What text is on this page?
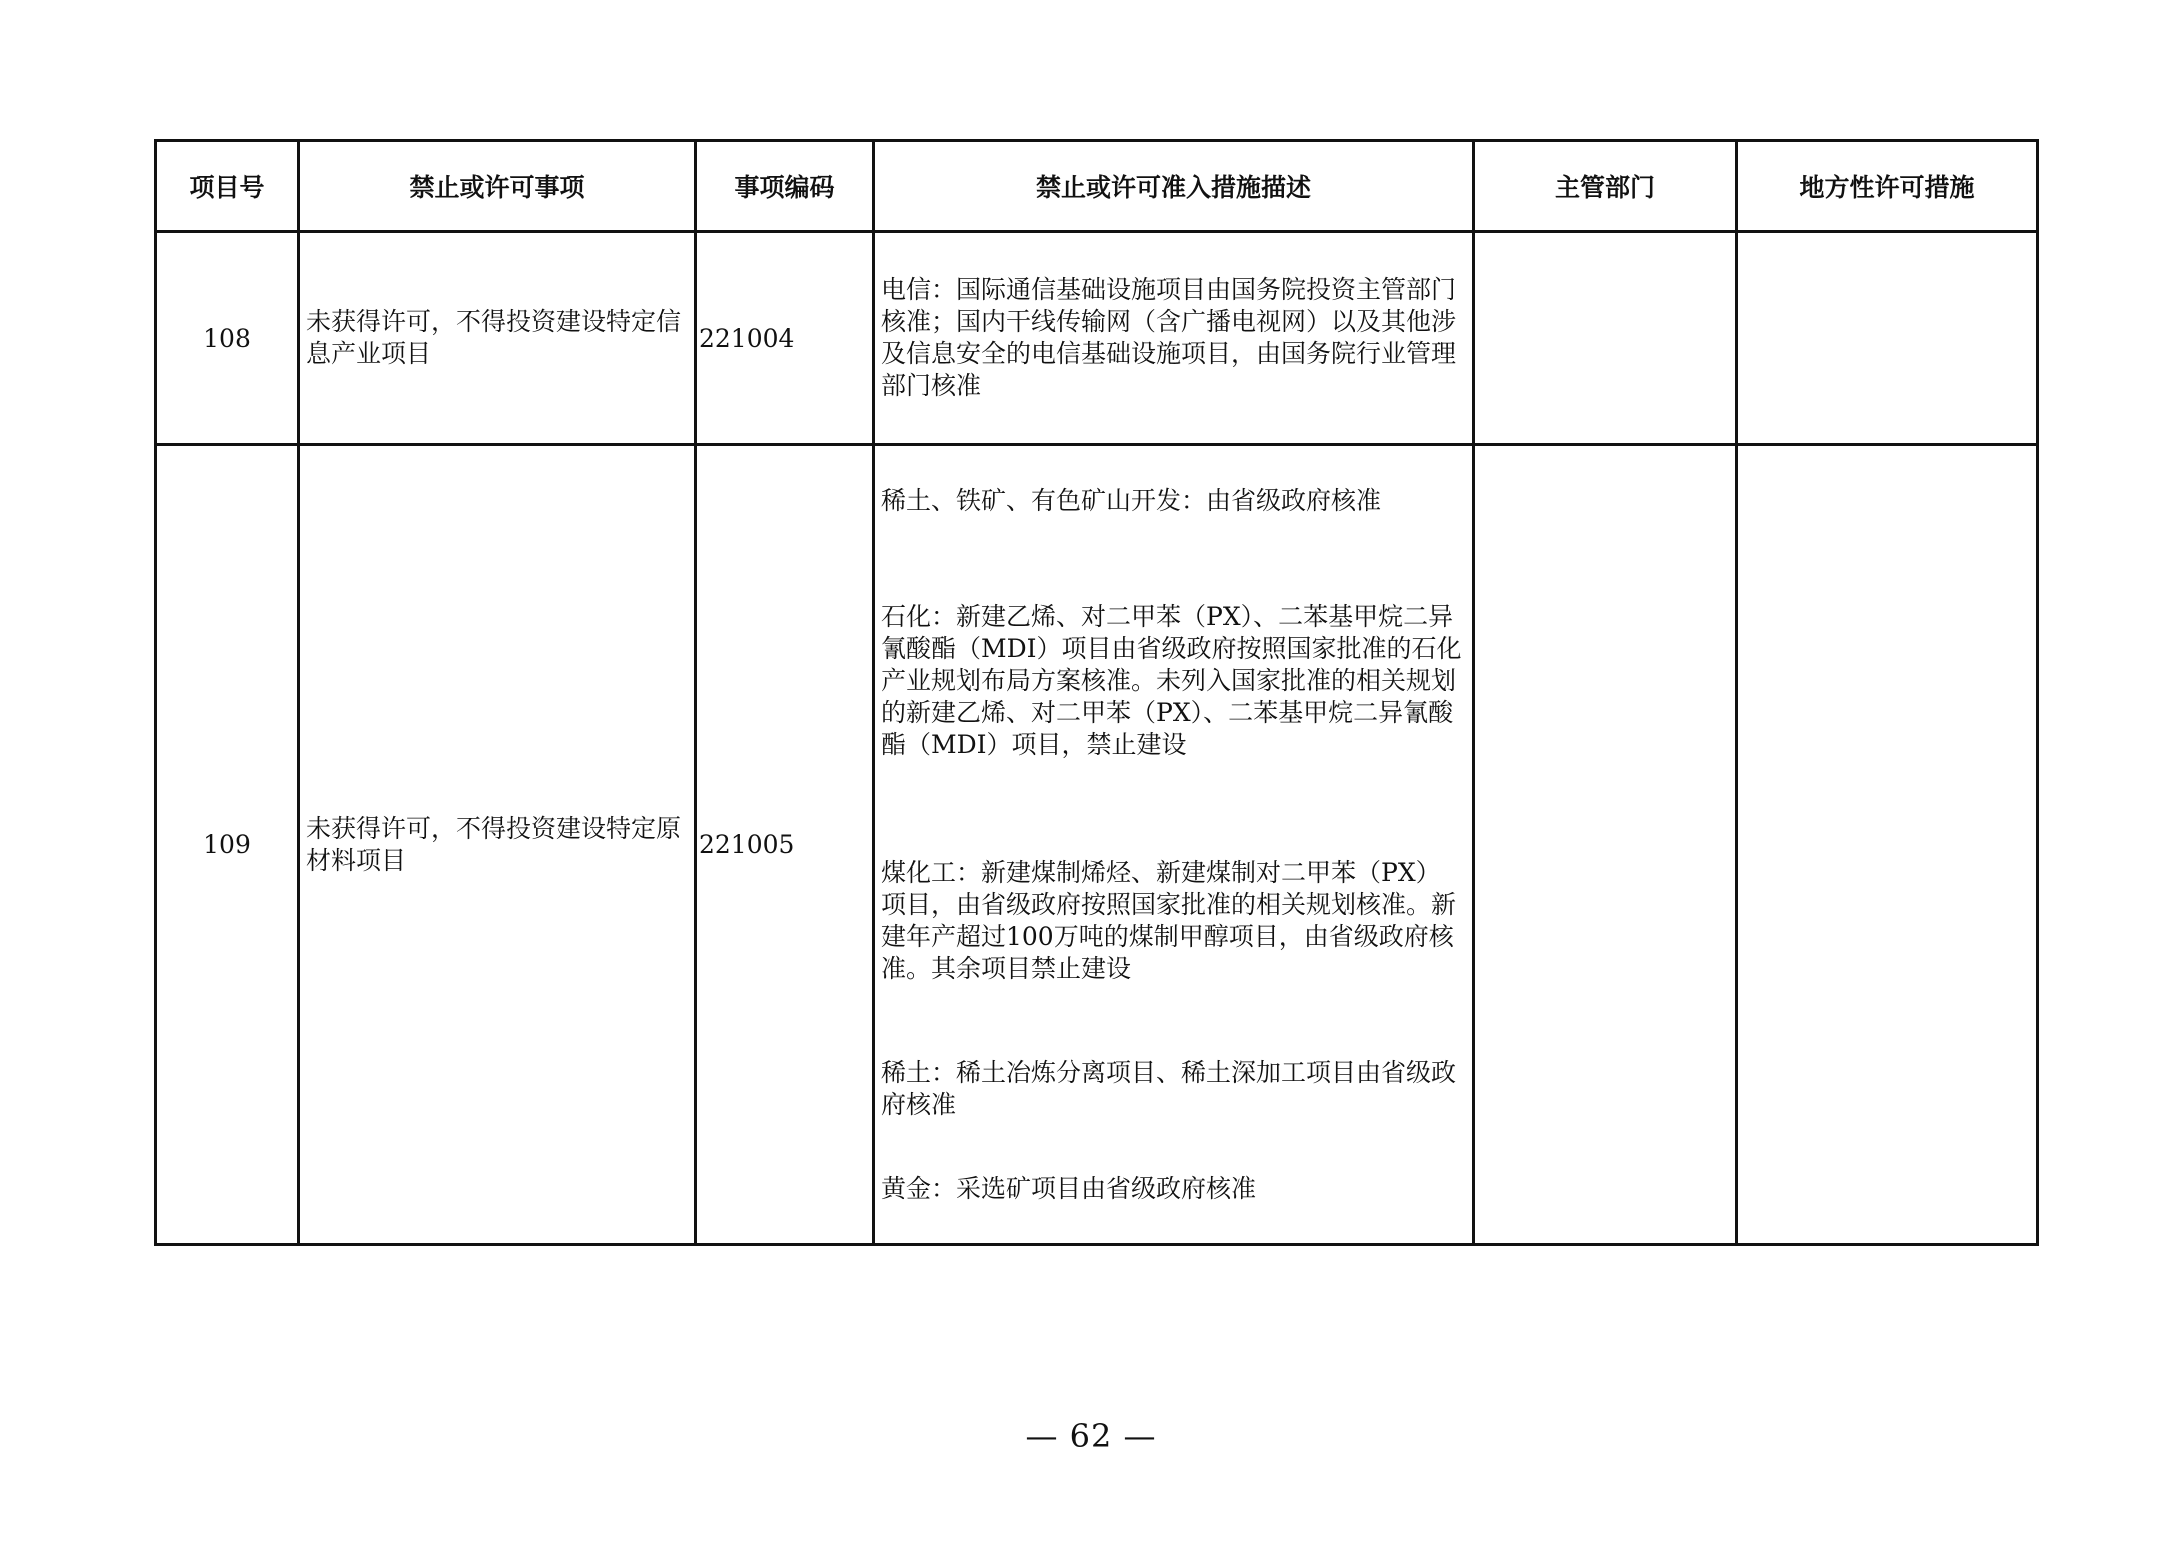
项目号	禁止或许可事项	事项编码	禁止或许可准入措施描述	主管部门	地方性许可措施
108	未获得许可，不得投资建设特定信息产业项目	221004	电信：国际通信基础设施项目由国务院投资主管部门核准；国内干线传输网（含广播电视网）以及其他涉及信息安全的电信基础设施项目，由国务院行业管理部门核准		

109	未获得许可，不得投资建设特定原材料项目	221005	稀土、铁矿、有色矿山开发：由省级政府核准

石化：新建乙烯、对二甲苯（PX）、二苯基甲烷二异氰酸酯（MDI）项目由省级政府按照国家批准的石化产业规划布局方案核准。未列入国家批准的相关规划的新建乙烯、对二甲苯（PX）、二苯基甲烷二异氰酸酯（MDI）项目，禁止建设

煤化工：新建煤制烯烃、新建煤制对二甲苯（PX）项目，由省级政府按照国家批准的相关规划核准。新建年产超过100万吨的煤制甲醇项目，由省级政府核准。其余项目禁止建设

稀土：稀土冶炼分离项目、稀土深加工项目由省级政府核准

黄金：采选矿项目由省级政府核准		

— 62 —
